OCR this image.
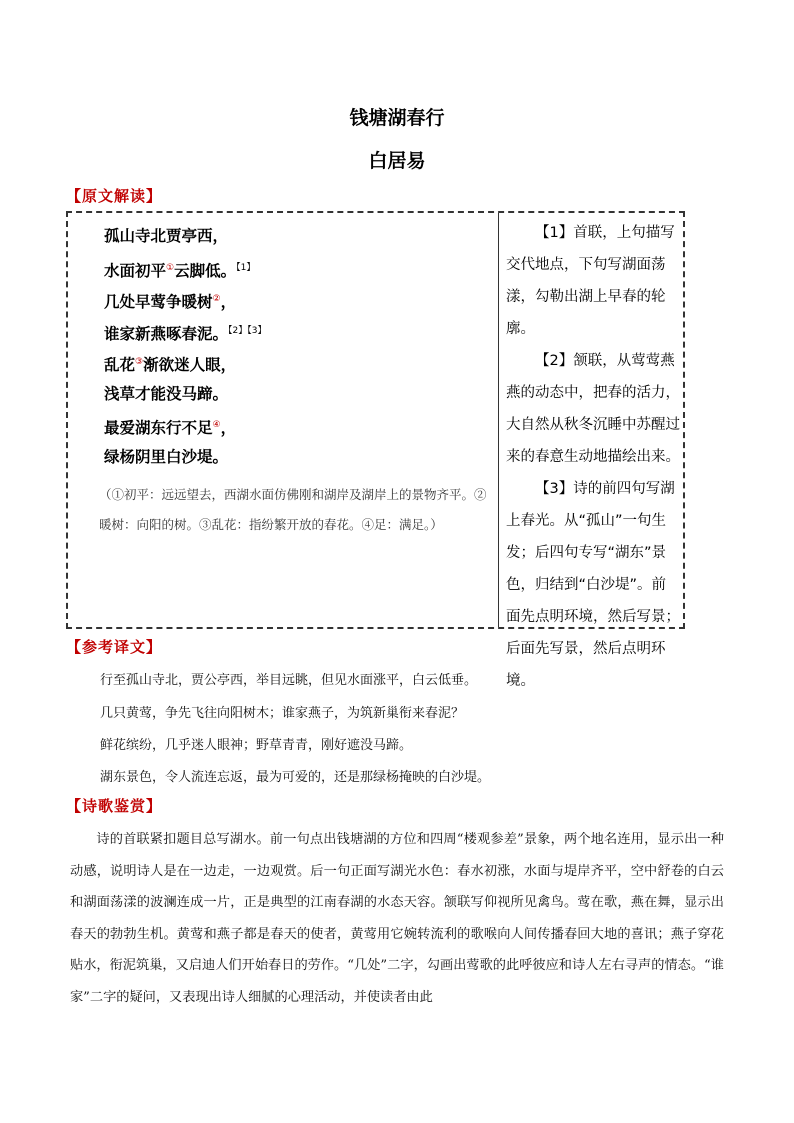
钱塘湖春行
白居易
【原文解读】
孤山寺北贾亭西，
水面初平①云脚低。$^{【1】}$
几处早莺争暖树②，
谁家新燕啄春泥。$^{【2】【3】}$
乱花③渐欲迷人眼，
浅草才能没马蹄。
最爱湖东行不足④，
绿杨阴里白沙堤。
（①初平：远远望去，西湖水面仿佛刚和湖岸及湖岸上的景物齐平。②暖树：向阳的树。③乱花：指纷繁开放的春花。④足：满足。）

【1】首联，上句描写交代地点，下句写湖面荡漾，勾勒出湖上早春的轮廓。

【2】颔联，从莺莺燕燕的动态中，把春的活力，大自然从秋冬沉睡中苏醒过来的春意生动地描绘出来。

【3】诗的前四句写湖上春光。从“孤山”一句生发；后四句专写“湖东”景色，归结到“白沙堤”。前面先点明环境，然后写景；后面先写景，然后点明环境。

【参考译文】
行至孤山寺北，贾公亭西，举目远眺，但见水面涨平，白云低垂。
几只黄莺，争先飞往向阳树木；谁家燕子，为筑新巢衔来春泥？
鲜花缤纷，几乎迷人眼神；野草青青，刚好遮没马蹄。
湖东景色，令人流连忘返，最为可爱的，还是那绿杨掩映的白沙堤。
【诗歌鉴赏】
诗的首联紧扣题目总写湖水。前一句点出钱塘湖的方位和四周“楼观参差”景象，两个地名连用，显示出一种动感，说明诗人是在一边走，一边观赏。后一句正面写湖光水色：春水初涨，水面与堤岸齐平，空中舒卷的白云和湖面荡漾的波澜连成一片，正是典型的江南春湖的水态天容。颔联写仰视所见禽鸟。莺在歌，燕在舞，显示出春天的勃勃生机。黄莺和燕子都是春天的使者，黄莺用它婉转流利的歌喉向人间传播春回大地的喜讯；燕子穿花贴水，衔泥筑巢，又启迪人们开始春日的劳作。“几处”二字，勾画出莺歌的此呼彼应和诗人左右寻声的情态。“谁家”二字的疑问，又表现出诗人细腻的心理活动，并使读者由此
